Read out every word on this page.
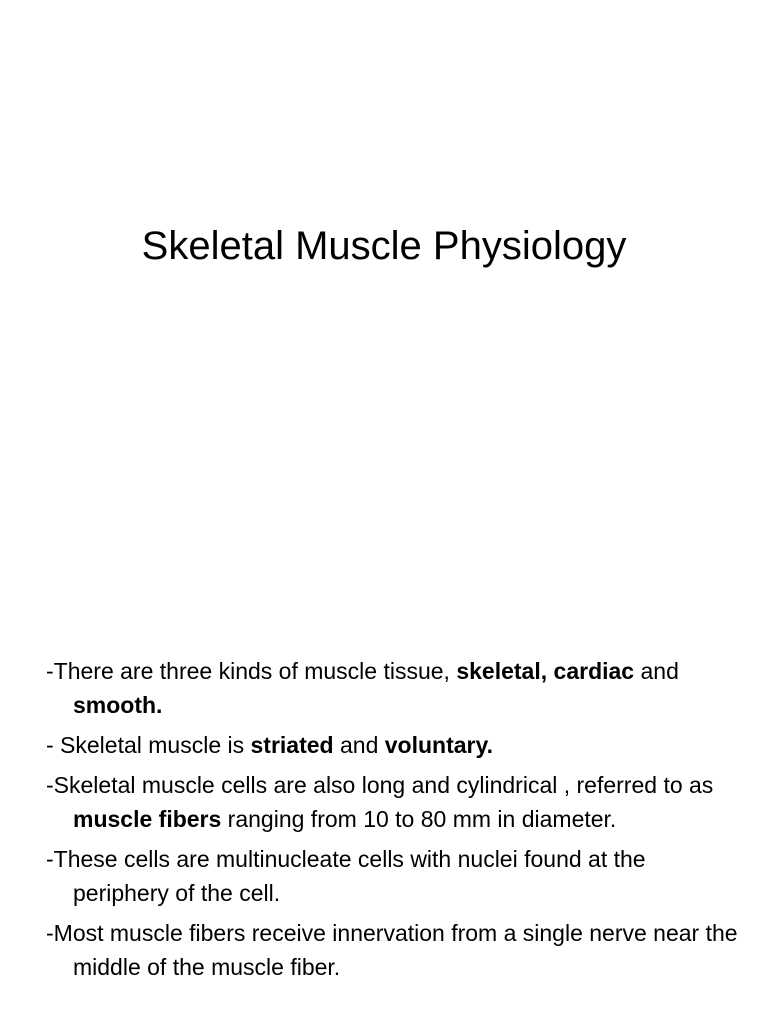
Skeletal Muscle Physiology
-There are three kinds of muscle tissue, skeletal, cardiac and smooth.
- Skeletal muscle is striated and voluntary.
-Skeletal muscle cells are also long and cylindrical , referred to as muscle fibers ranging from 10 to 80 mm in diameter.
-These cells are multinucleate cells with nuclei found at the periphery of the cell.
-Most muscle fibers receive innervation from a single nerve near the middle of the muscle fiber.
